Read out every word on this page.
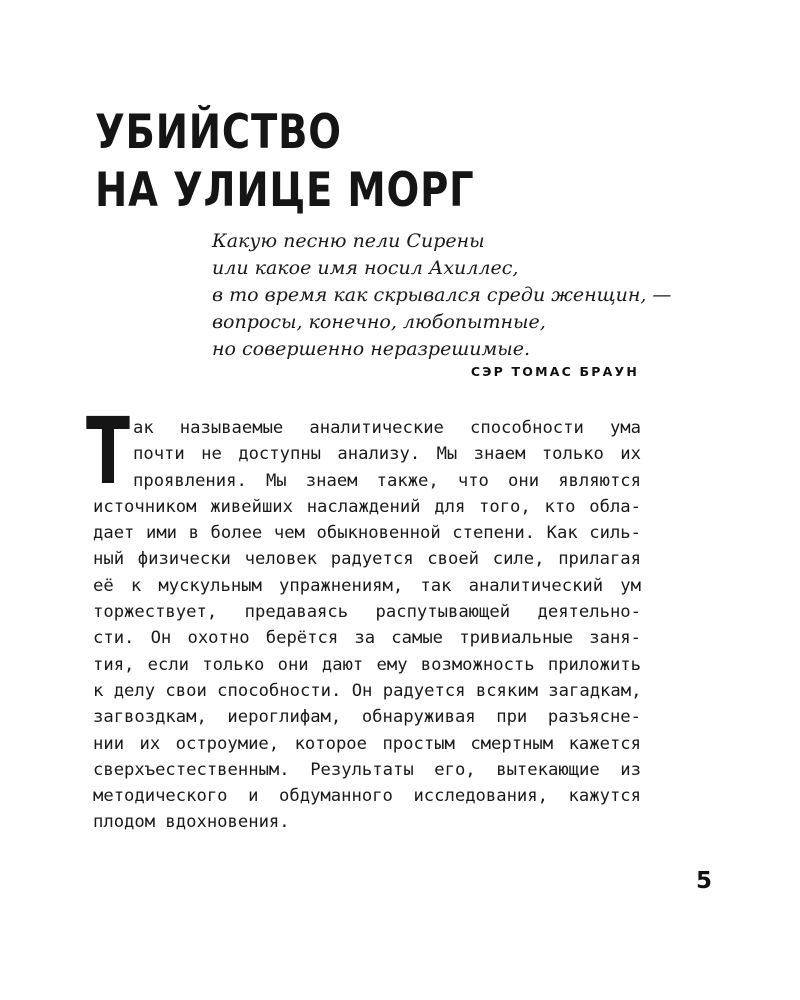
УБИЙСТВО
НА УЛИЦЕ МОРГ
Какую песню пели Сирены
или какое имя носил Ахиллес,
в то время как скрывался среди женщин, —
вопросы, конечно, любопытные,
но совершенно неразрешимые.
СЭР ТОМАС БРАУН
Т ак называемые аналитические способности ума
почти не доступны анализу. Мы знаем только их
проявления. Мы знаем также, что они являются
источником живейших наслаждений для того, кто обла-
дает ими в более чем обыкновенной степени. Как силь-
ный физически человек радуется своей силе, прилагая
её к мускульным упражнениям, так аналитический ум
торжествует, предаваясь распутывающей деятельно-
сти. Он охотно берётся за самые тривиальные заня-
тия, если только они дают ему возможность приложить
к делу свои способности. Он радуется всяким загадкам,
загвоздкам, иероглифам, обнаруживая при разъясне-
нии их остроумие, которое простым смертным кажется
сверхъестественным. Результаты его, вытекающие из
методического и обдуманного исследования, кажутся
плодом вдохновения.
5
